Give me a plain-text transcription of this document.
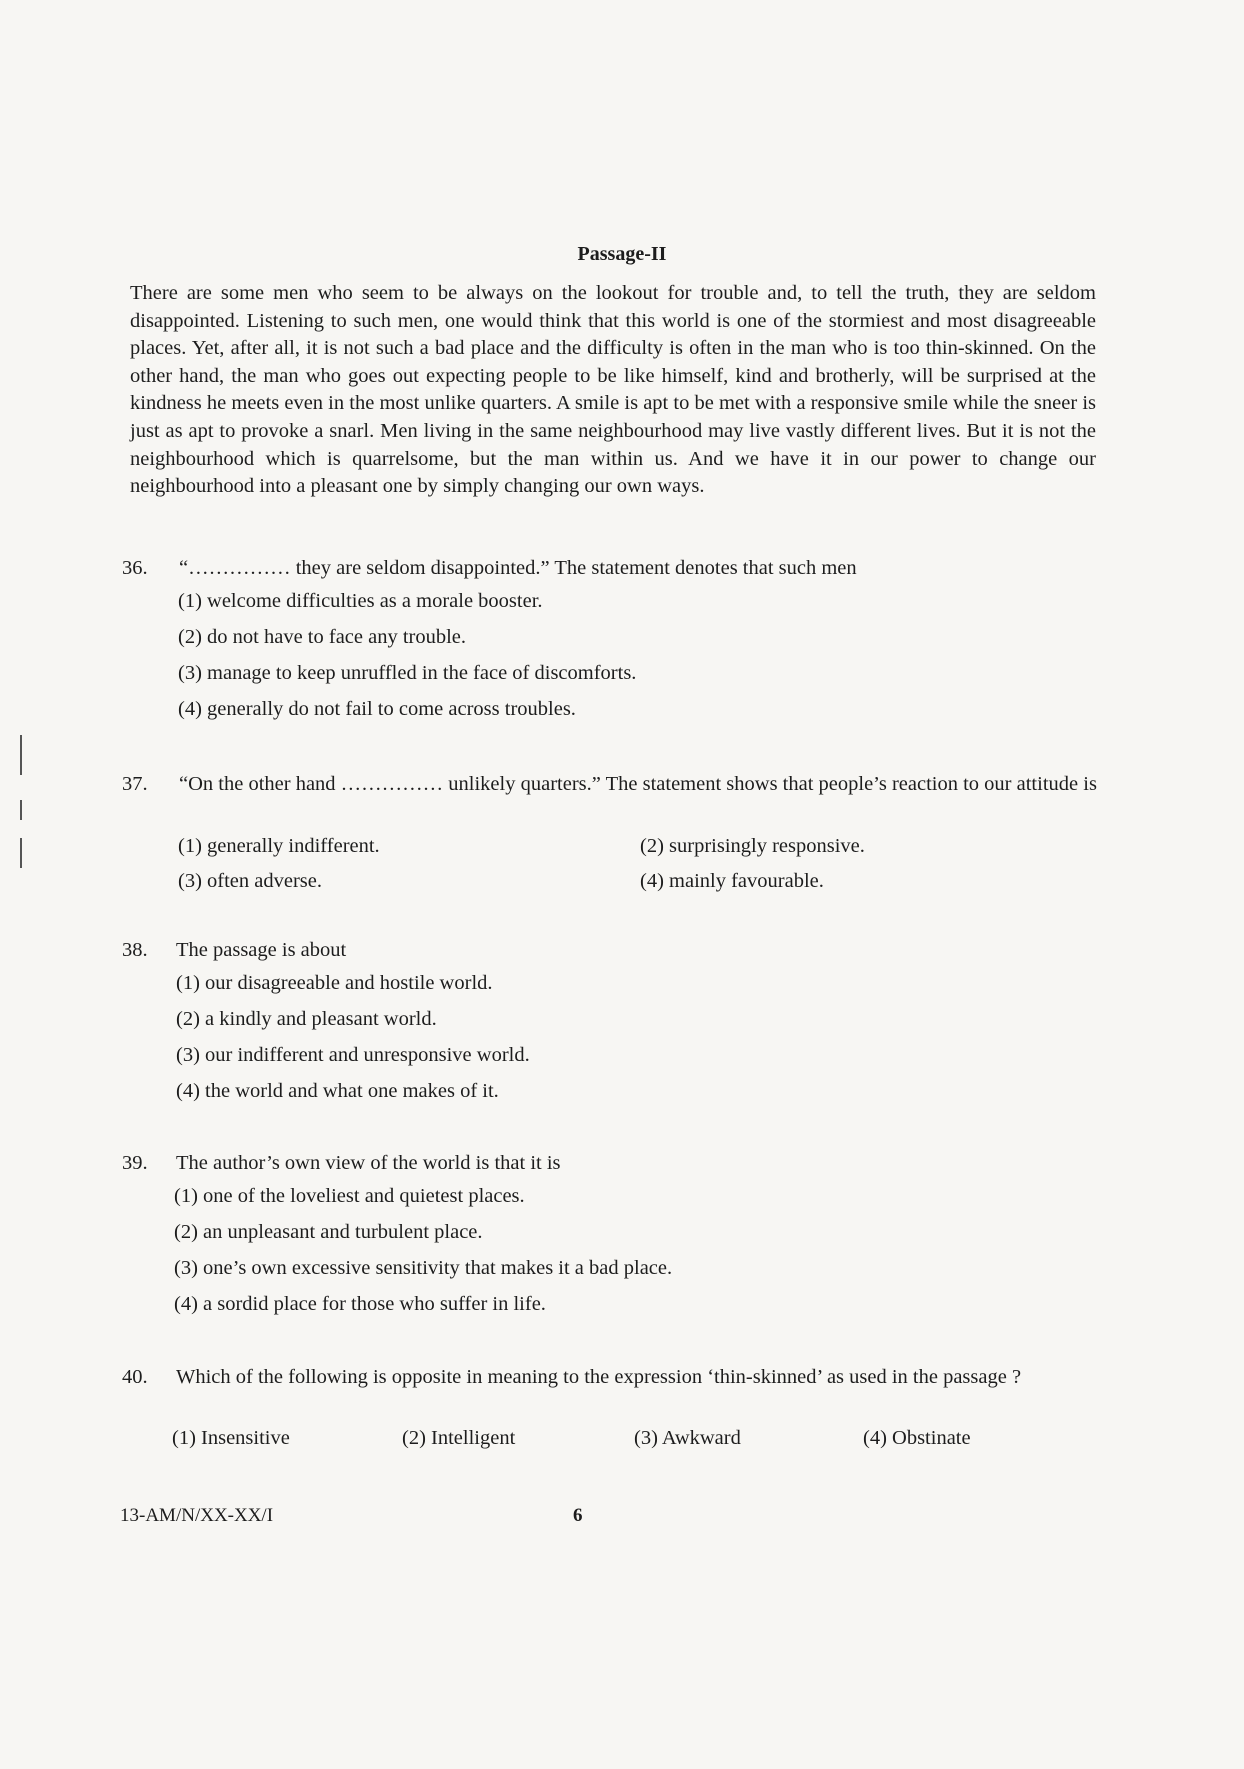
Passage-II
There are some men who seem to be always on the lookout for trouble and, to tell the truth, they are seldom disappointed. Listening to such men, one would think that this world is one of the stormiest and most disagreeable places. Yet, after all, it is not such a bad place and the difficulty is often in the man who is too thin-skinned. On the other hand, the man who goes out expecting people to be like himself, kind and brotherly, will be surprised at the kindness he meets even in the most unlike quarters. A smile is apt to be met with a responsive smile while the sneer is just as apt to provoke a snarl. Men living in the same neighbourhood may live vastly different lives. But it is not the neighbourhood which is quarrelsome, but the man within us. And we have it in our power to change our neighbourhood into a pleasant one by simply changing our own ways.
36. “…………… they are seldom disappointed.” The statement denotes that such men
(1) welcome difficulties as a morale booster.
(2) do not have to face any trouble.
(3) manage to keep unruffled in the face of discomforts.
(4) generally do not fail to come across troubles.
37. “On the other hand …………… unlikely quarters.” The statement shows that people’s reaction to our attitude is
(1) generally indifferent.	(2) surprisingly responsive.
(3) often adverse.	(4) mainly favourable.
38. The passage is about
(1) our disagreeable and hostile world.
(2) a kindly and pleasant world.
(3) our indifferent and unresponsive world.
(4) the world and what one makes of it.
39. The author’s own view of the world is that it is
(1) one of the loveliest and quietest places.
(2) an unpleasant and turbulent place.
(3) one’s own excessive sensitivity that makes it a bad place.
(4) a sordid place for those who suffer in life.
40. Which of the following is opposite in meaning to the expression ‘thin-skinned’ as used in the passage ?
(1) Insensitive	(2) Intelligent	(3) Awkward	(4) Obstinate
13-AM/N/XX-XX/I	6
